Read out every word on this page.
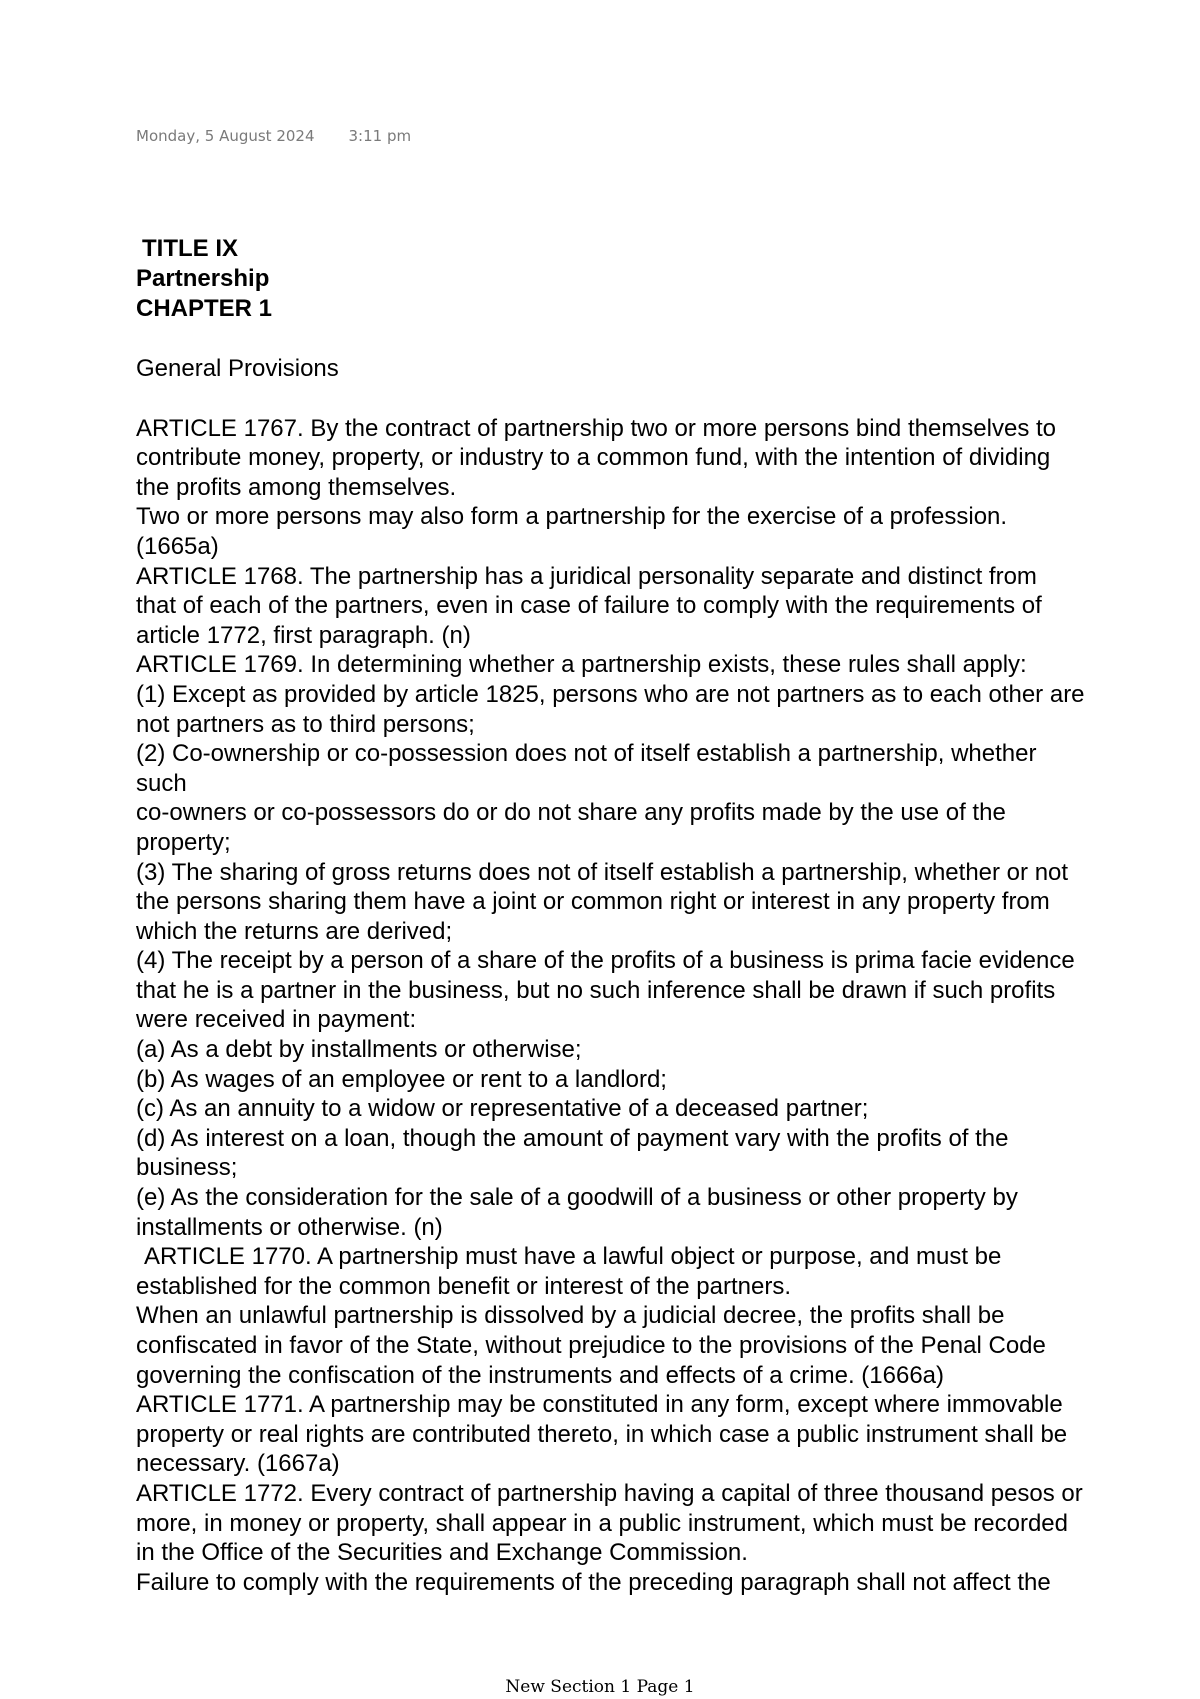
Monday, 5 August 2024 3:11 pm
TITLE IX
Partnership
CHAPTER 1
General Provisions
ARTICLE 1767. By the contract of partnership two or more persons bind themselves to
contribute money, property, or industry to a common fund, with the intention of dividing
the profits among themselves.
Two or more persons may also form a partnership for the exercise of a profession.
(1665a)
ARTICLE 1768. The partnership has a juridical personality separate and distinct from
that of each of the partners, even in case of failure to comply with the requirements of
article 1772, first paragraph. (n)
ARTICLE 1769. In determining whether a partnership exists, these rules shall apply:
(1) Except as provided by article 1825, persons who are not partners as to each other are
not partners as to third persons;
(2) Co-ownership or co-possession does not of itself establish a partnership, whether
such
co-owners or co-possessors do or do not share any profits made by the use of the
property;
(3) The sharing of gross returns does not of itself establish a partnership, whether or not
the persons sharing them have a joint or common right or interest in any property from
which the returns are derived;
(4) The receipt by a person of a share of the profits of a business is prima facie evidence
that he is a partner in the business, but no such inference shall be drawn if such profits
were received in payment:
(a) As a debt by installments or otherwise;
(b) As wages of an employee or rent to a landlord;
(c) As an annuity to a widow or representative of a deceased partner;
(d) As interest on a loan, though the amount of payment vary with the profits of the
business;
(e) As the consideration for the sale of a goodwill of a business or other property by
installments or otherwise. (n)
ARTICLE 1770. A partnership must have a lawful object or purpose, and must be
established for the common benefit or interest of the partners.
When an unlawful partnership is dissolved by a judicial decree, the profits shall be
confiscated in favor of the State, without prejudice to the provisions of the Penal Code
governing the confiscation of the instruments and effects of a crime. (1666a)
ARTICLE 1771. A partnership may be constituted in any form, except where immovable
property or real rights are contributed thereto, in which case a public instrument shall be
necessary. (1667a)
ARTICLE 1772. Every contract of partnership having a capital of three thousand pesos or
more, in money or property, shall appear in a public instrument, which must be recorded
in the Office of the Securities and Exchange Commission.
Failure to comply with the requirements of the preceding paragraph shall not affect the
New Section 1 Page 1
